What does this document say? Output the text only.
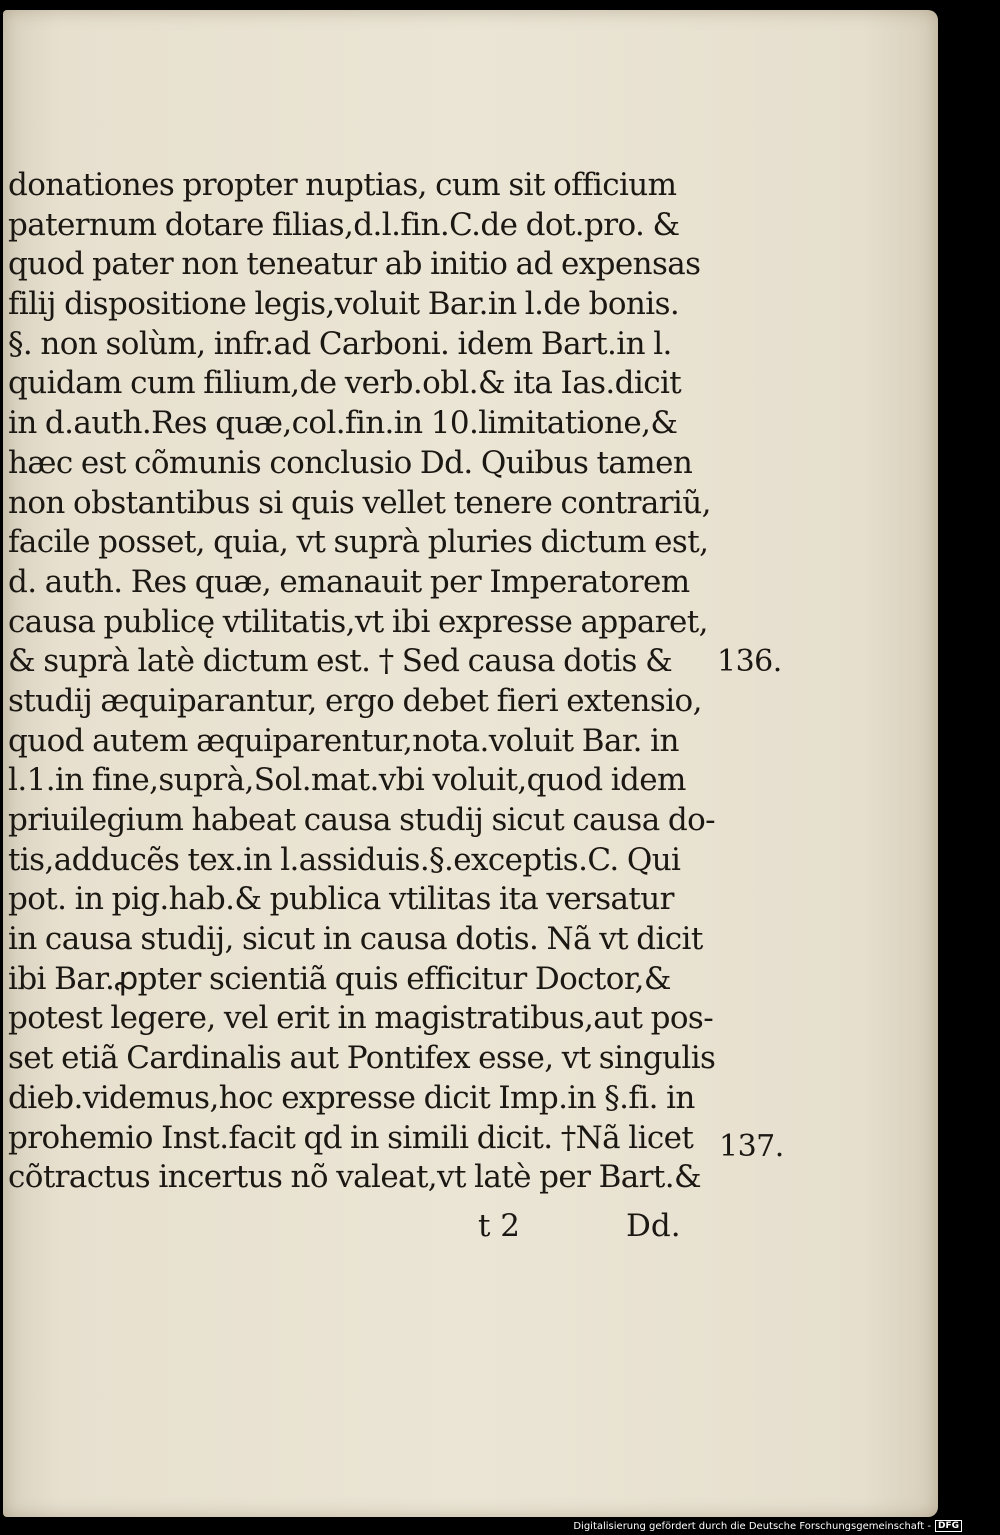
donationes propter nuptias, cum sit officium
paternum dotare filias,d.l.fin.C.de dot.pro. &
quod pater non teneatur ab initio ad expensas
filij dispositione legis,voluit Bar.in l.de bonis.
§. non solùm, infr.ad Carboni. idem Bart.in l.
quidam cum filium,de verb.obl.& ita Ias.dicit
in d.auth.Res quæ,col.fin.in 10.limitatione,&
hæc est cõmunis conclusio Dd. Quibus tamen
non obstantibus si quis vellet tenere contrariũ,
facile posset, quia, vt suprà pluries dictum est,
d. auth. Res quæ, emanauit per Imperatorem
causa publicę vtilitatis,vt ibi expresse apparet,
& suprà latè dictum est. † Sed causa dotis &
studij æquiparantur, ergo debet fieri extensio,
quod autem æquiparentur,nota.voluit Bar. in
l.1.in fine,suprà,Sol.mat.vbi voluit,quod idem
priuilegium habeat causa studij sicut causa do-
tis,adducẽs tex.in l.assiduis.§.exceptis.C. Qui
pot. in pig.hab.& publica vtilitas ita versatur
in causa studij, sicut in causa dotis. Nã vt dicit
ibi Bar.ꝓpter scientiã quis efficitur Doctor,&
potest legere, vel erit in magistratibus,aut pos-
set etiã Cardinalis aut Pontifex esse, vt singulis
dieb.videmus,hoc expresse dicit Imp.in §.fi. in
prohemio Inst.facit qd in simili dicit. †Nã licet
cõtractus incertus nõ valeat,vt latè per Bart.&
136.
137.
t 2	Dd.
Digitalisierung gefördert durch die Deutsche Forschungsgemeinschaft - DFG
